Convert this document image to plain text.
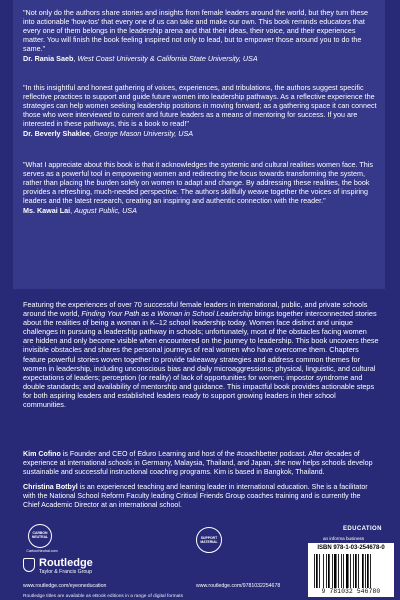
"Not only do the authors share stories and insights from female leaders around the world, but they turn these into actionable 'how-tos' that every one of us can take and make our own. This book reminds educators that every one of them belongs in the leadership arena and that their ideas, their voice, and their experiences matter. You will finish the book feeling inspired not only to lead, but to empower those around you to do the same."

Dr. Rania Saeb, West Coast University & California State University, USA

"In this insightful and honest gathering of voices, experiences, and tribulations, the authors suggest specific reflective practices to support and guide future women into leadership pathways. As a reflective experience the strategies can help women seeking leadership positions in moving forward; as a gathering space it can connect those who were interviewed to current and future leaders as a means of mentoring for success. If you are interested in these pathways, this is a book to read!"

Dr. Beverly Shaklee, George Mason University, USA

"What I appreciate about this book is that it acknowledges the systemic and cultural realities women face. This serves as a powerful tool in empowering women and redirecting the focus towards transforming the system, rather than placing the burden solely on women to adapt and change. By addressing these realities, the book provides a refreshing, much-needed perspective. The authors skillfully weave together the voices of inspiring leaders and the latest research, creating an inspiring and authentic connection with the reader."

Ms. Kawai Lai, August Public, USA

Featuring the experiences of over 70 successful female leaders in international, public, and private schools around the world, Finding Your Path as a Woman in School Leadership brings together interconnected stories about the realities of being a woman in K–12 school leadership today. Women face distinct and unique challenges in pursuing a leadership pathway in schools; unfortunately, most of the obstacles facing women are hidden and only become visible when encountered on the journey to leadership. This book uncovers these invisible obstacles and shares the personal journeys of real women who have overcome them. Chapters feature powerful stories woven together to provide takeaway strategies and address common themes for women in leadership, including unconscious bias and daily microaggressions; physical, linguistic, and cultural expectations of leaders; perception (or reality) of lack of opportunities for women; impostor syndrome and double standards; and availability of mentorship and guidance. This impactful book provides actionable steps for both aspiring leaders and established leaders ready to support growing leaders in their school communities.

Kim Cofino is Founder and CEO of Eduro Learning and host of the #coachbetter podcast. After decades of experience at international schools in Germany, Malaysia, Thailand, and Japan, she now helps schools develop sustainable and successful instructional coaching programs. Kim is based in Bangkok, Thailand.

Christina Botbyl is an experienced teaching and learning leader in international education. She is a facilitator with the National School Reform Faculty leading Critical Friends Group coaches training and is currently the Chief Academic Director at an international school.

EDUCATION
CARBON NEUTRAL
CarbonNeutral.com
SUPPORT MATERIAL
Routledge
Taylor & Francis Group
www.routledge.com/eyeoneducation	www.routledge.com/9781032254678
Routledge titles are available as eBook editions in a range of digital formats
an informa business
ISBN 978-1-03-254678-0
9 781032 546780
